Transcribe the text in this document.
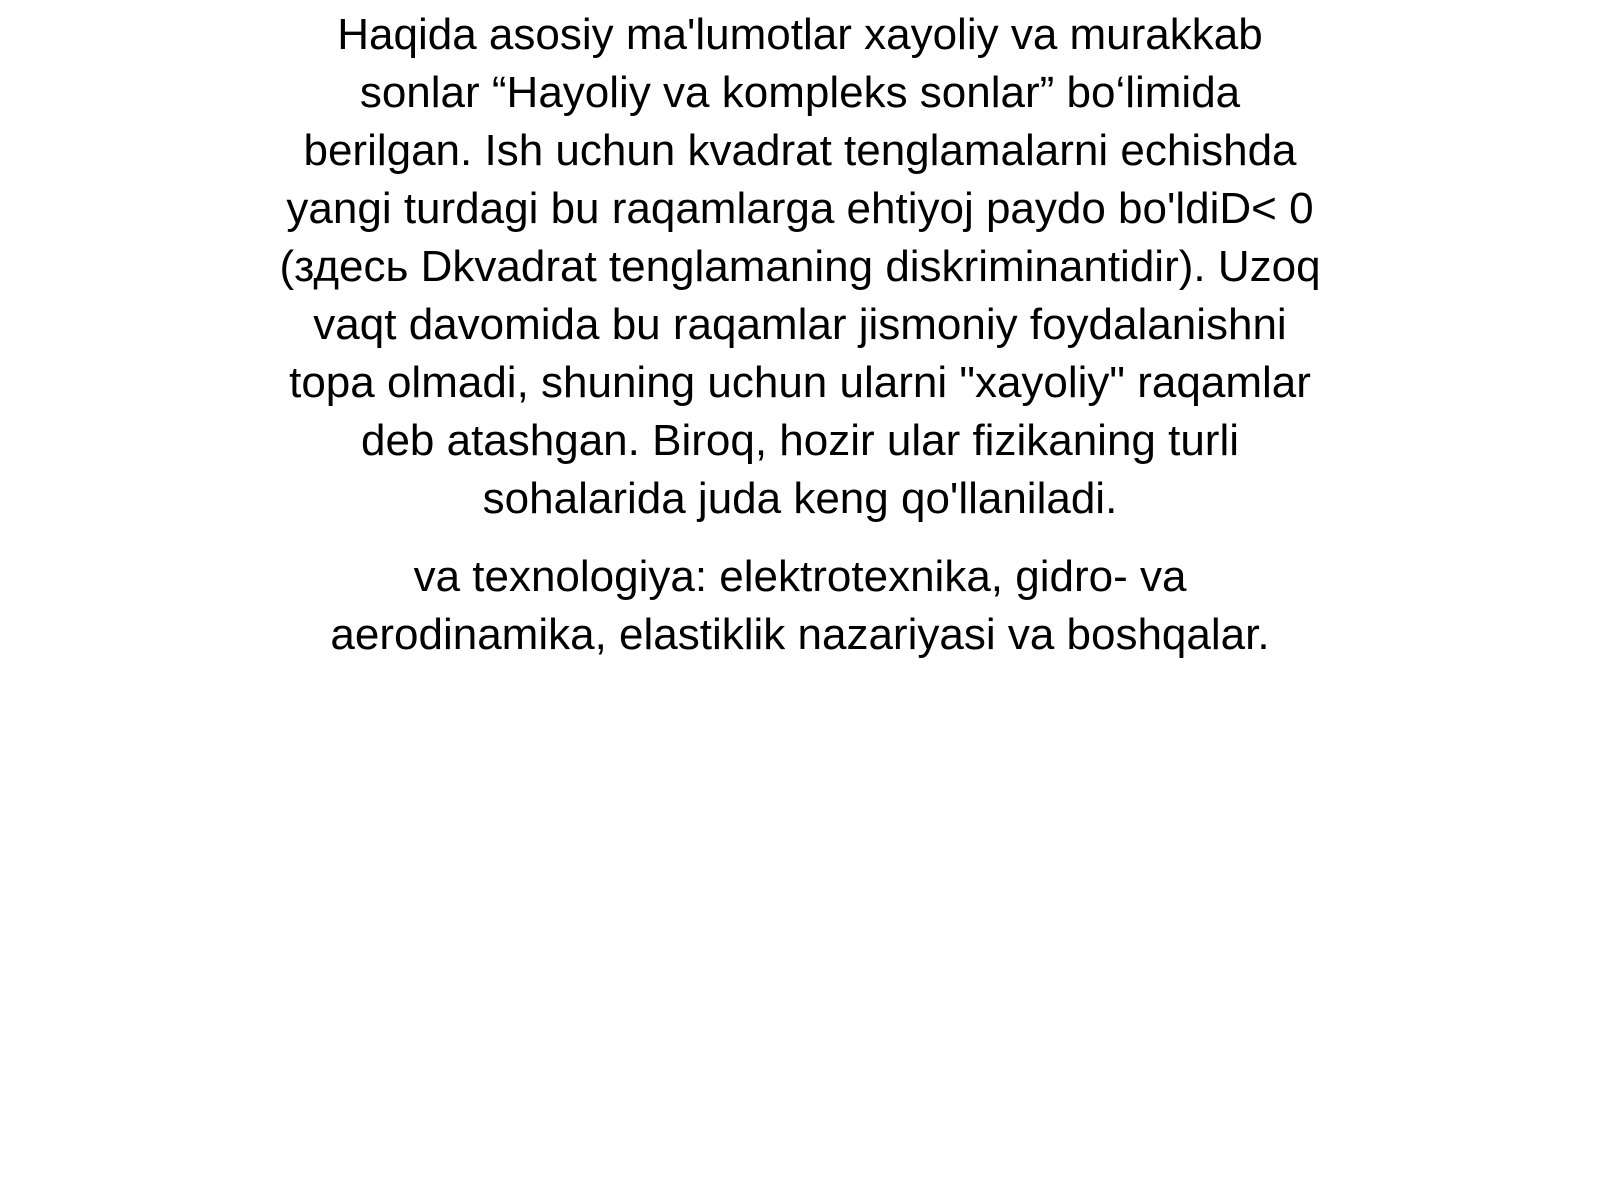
Haqida asosiy ma'lumotlar xayoliy va murakkab
sonlar “Hayoliy va kompleks sonlar” bo‘limida
berilgan. Ish uchun kvadrat tenglamalarni echishda
yangi turdagi bu raqamlarga ehtiyoj paydo bo'ldiD< 0
(здесь Dkvadrat tenglamaning diskriminantidir). Uzoq
vaqt davomida bu raqamlar jismoniy foydalanishni
topa olmadi, shuning uchun ularni "xayoliy" raqamlar
deb atashgan. Biroq, hozir ular fizikaning turli
sohalarida juda keng qo'llaniladi.

va texnologiya: elektrotexnika, gidro- va
aerodinamika, elastiklik nazariyasi va boshqalar.
